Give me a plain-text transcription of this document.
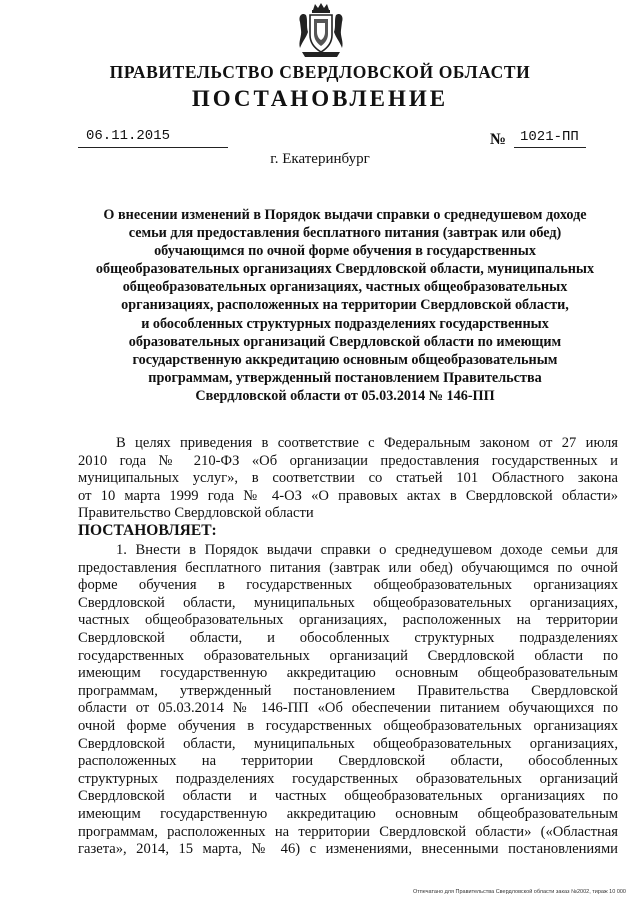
ПРАВИТЕЛЬСТВО СВЕРДЛОВСКОЙ ОБЛАСТИ
ПОСТАНОВЛЕНИЕ
06.11.2015	№ 1021-ПП
г. Екатеринбург
О внесении изменений в Порядок выдачи справки о среднедушевом доходе
семьи для предоставления бесплатного питания (завтрак или обед)
обучающимся по очной форме обучения в государственных
общеобразовательных организациях Свердловской области, муниципальных
общеобразовательных организациях, частных общеобразовательных
организациях, расположенных на территории Свердловской области,
и обособленных структурных подразделениях государственных
образовательных организаций Свердловской области по имеющим
государственную аккредитацию основным общеобразовательным
программам, утвержденный постановлением Правительства
Свердловской области от 05.03.2014 № 146-ПП
В целях приведения в соответствие с Федеральным законом от 27 июля
2010 года № 210-ФЗ «Об организации предоставления государственных и
муниципальных услуг», в соответствии со статьей 101 Областного закона
от 10 марта 1999 года № 4-ОЗ «О правовых актах в Свердловской области»
Правительство Свердловской области
ПОСТАНОВЛЯЕТ:
1. Внести в Порядок выдачи справки о среднедушевом доходе семьи для
предоставления бесплатного питания (завтрак или обед) обучающимся по очной
форме обучения в государственных общеобразовательных организациях
Свердловской области, муниципальных общеобразовательных организациях,
частных общеобразовательных организациях, расположенных на территории
Свердловской области, и обособленных структурных подразделениях
государственных образовательных организаций Свердловской области по
имеющим государственную аккредитацию основным общеобразовательным
программам, утвержденный постановлением Правительства Свердловской
области от 05.03.2014 № 146-ПП «Об обеспечении питанием обучающихся по
очной форме обучения в государственных общеобразовательных организациях
Свердловской области, муниципальных общеобразовательных организациях,
расположенных на территории Свердловской области, обособленных
структурных подразделениях государственных образовательных организаций
Свердловской области и частных общеобразовательных организациях по
имеющим государственную аккредитацию основным общеобразовательным
программам, расположенных на территории Свердловской области» («Областная
газета», 2014, 15 марта, № 46) с изменениями, внесенными постановлениями
Отпечатано для Правительства Свердловской области заказ №2002, тираж 10 000
